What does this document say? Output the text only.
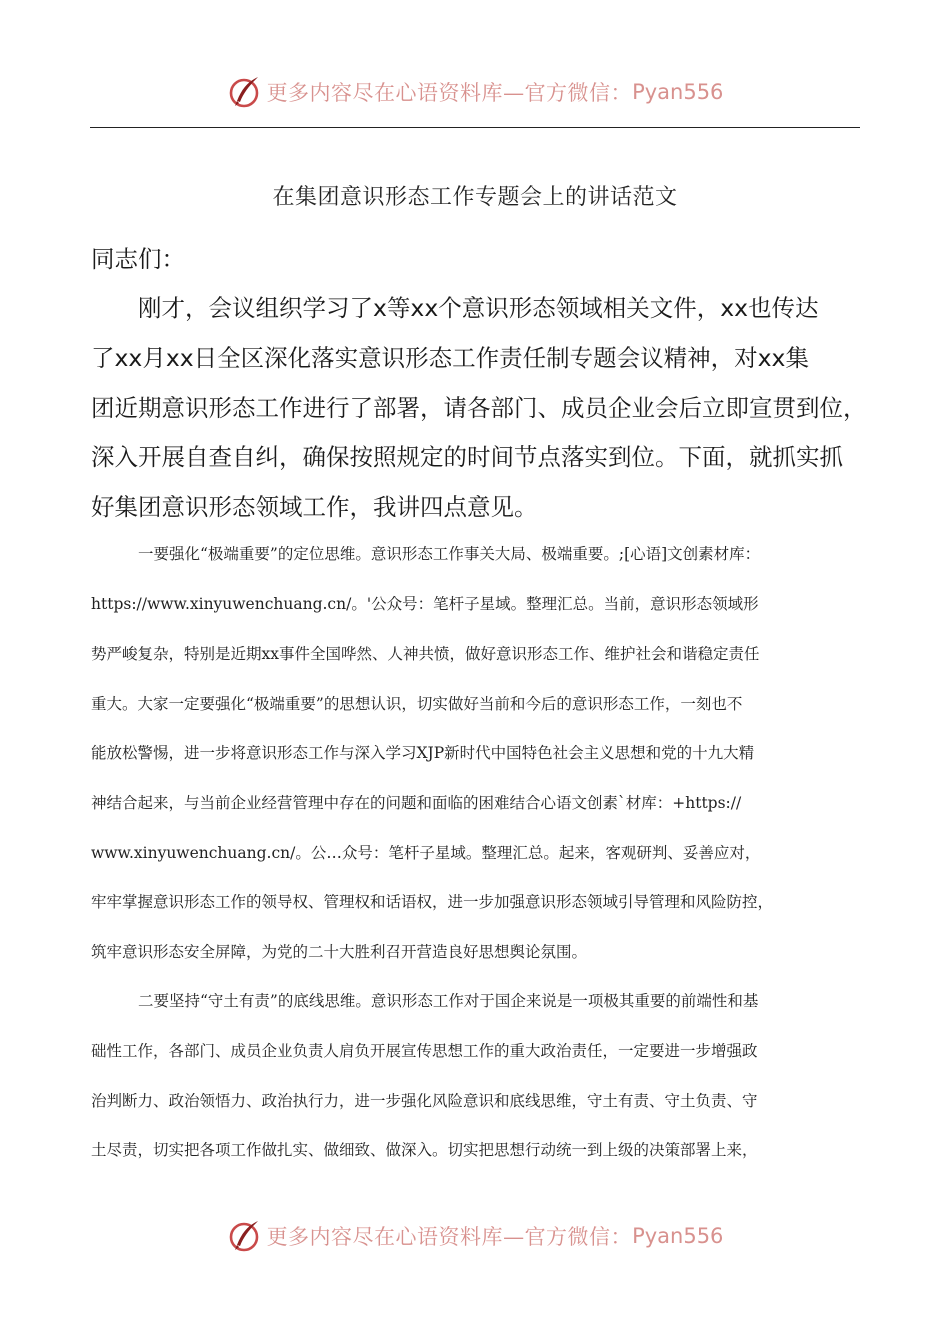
更多内容尽在心语资料库 —官方微信： Pyan556
在集团意识形态工作专题会上的讲话范文
同志们：
刚才，会议组织学习了x等xx个意识形态领域相关文件，xx也传达
了xx月xx日全区深化落实意识形态工作责任制专题会议精神，对xx集
团近期意识形态工作进行了部署，请各部门、成员企业会后立即宣贯到位，
深入开展自查自纠，确保按照规定的时间节点落实到位。下面，就抓实抓
好集团意识形态领域工作，我讲四点意见。
一要强化“极端重要”的定位思维。意识形态工作事关大局、极端重要。;[心语]文创素材库：
https://www.xinyuwenchuang.cn/。'公众号：笔杆子星域。整理汇总。当前，意识形态领域形
势严峻复杂，特别是近期xx事件全国哗然、人神共愤，做好意识形态工作、维护社会和谐稳定责任
重大。大家一定要强化“极端重要”的思想认识，切实做好当前和今后的意识形态工作，一刻也不
能放松警惕，进一步将意识形态工作与深入学习XJP新时代中国特色社会主义思想和党的十九大精
神结合起来，与当前企业经营管理中存在的问题和面临的困难结合心语文创素`材库：+https://
www.xinyuwenchuang.cn/。公…众号：笔杆子星域。整理汇总。起来，客观研判、妥善应对，
牢牢掌握意识形态工作的领导权、管理权和话语权，进一步加强意识形态领域引导管理和风险防控，
筑牢意识形态安全屏障，为党的二十大胜利召开营造良好思想舆论氛围。
二要坚持“守土有责”的底线思维。意识形态工作对于国企来说是一项极其重要的前端性和基
础性工作，各部门、成员企业负责人肩负开展宣传思想工作的重大政治责任，一定要进一步增强政
治判断力、政治领悟力、政治执行力，进一步强化风险意识和底线思维，守土有责、守土负责、守
土尽责，切实把各项工作做扎实、做细致、做深入。切实把思想行动统一到上级的决策部署上来，
更多内容尽在心语资料库 —官方微信： Pyan556
